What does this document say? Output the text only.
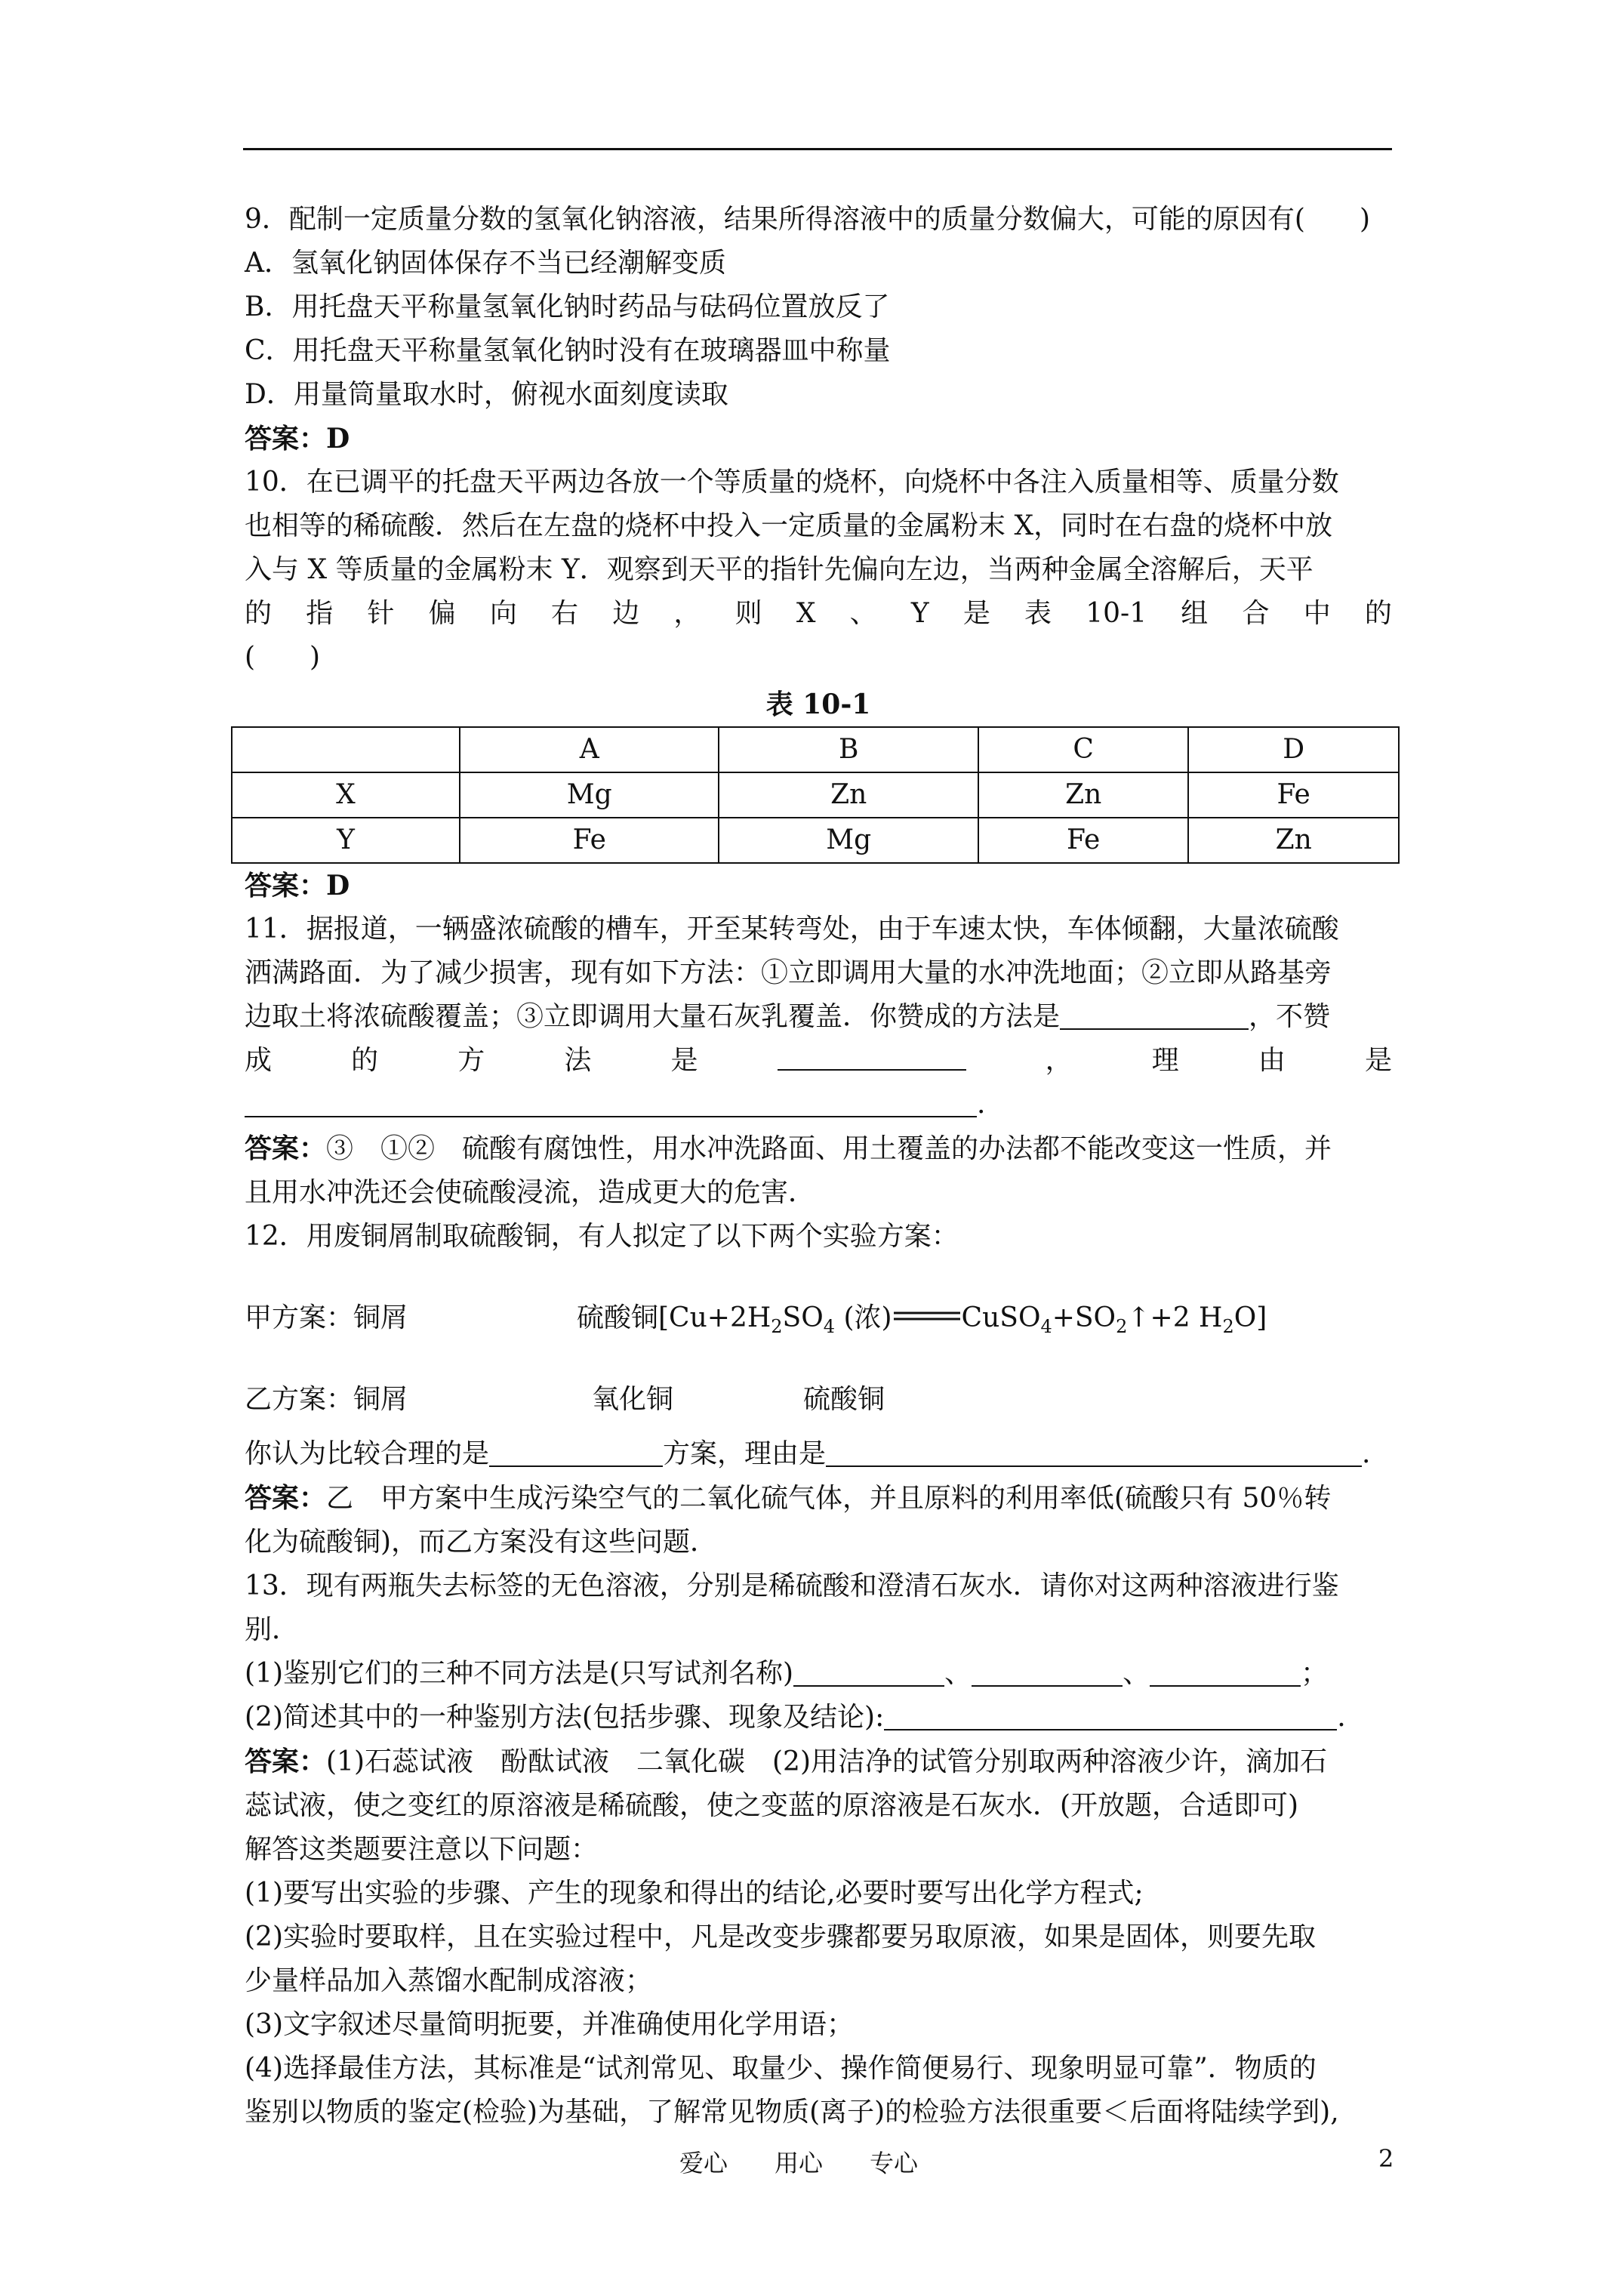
9．配制一定质量分数的氢氧化钠溶液，结果所得溶液中的质量分数偏大，可能的原因有(　　)
A．氢氧化钠固体保存不当已经潮解变质
B．用托盘天平称量氢氧化钠时药品与砝码位置放反了
C．用托盘天平称量氢氧化钠时没有在玻璃器皿中称量
D．用量筒量取水时，俯视水面刻度读取
答案：D
10．在已调平的托盘天平两边各放一个等质量的烧杯，向烧杯中各注入质量相等、质量分数
也相等的稀硫酸．然后在左盘的烧杯中投入一定质量的金属粉末 X，同时在右盘的烧杯中放
入与 X 等质量的金属粉末 Y．观察到天平的指针先偏向左边，当两种金属全溶解后，天平
的 指 针 偏 向 右 边 ， 则 X 、 Y 是 表 10-1 组 合 中 的
(　　)
表 10-1
	A	B	C	D
X	Mg	Zn	Zn	Fe
Y	Fe	Mg	Fe	Zn
答案：D
11．据报道，一辆盛浓硫酸的槽车，开至某转弯处，由于车速太快，车体倾翻，大量浓硫酸
洒满路面．为了减少损害，现有如下方法：①立即调用大量的水冲洗地面；②立即从路基旁
边取土将浓硫酸覆盖；③立即调用大量石灰乳覆盖．你赞成的方法是	，不赞
成	的	方	法	是	，	理	由	是
.
答案：③　①②　硫酸有腐蚀性，用水冲洗路面、用土覆盖的办法都不能改变这一性质，并
且用水冲洗还会使硫酸浸流，造成更大的危害．
12．用废铜屑制取硫酸铜，有人拟定了以下两个实验方案：
甲方案：铜屑	硫酸铜[$Cu+2H_2SO_4$ (浓)	$CuSO_4+SO_2↑+2$ $H_2O$]
乙方案：铜屑	氧化铜	硫酸铜
你认为比较合理的是	方案，理由是	.
答案：乙　甲方案中生成污染空气的二氧化硫气体，并且原料的利用率低(硫酸只有 50％转
化为硫酸铜)，而乙方案没有这些问题．
13．现有两瓶失去标签的无色溶液，分别是稀硫酸和澄清石灰水．请你对这两种溶液进行鉴
别．
(1)鉴别它们的三种不同方法是(只写试剂名称)	、	、	；
(2)简述其中的一种鉴别方法(包括步骤、现象及结论):	.
答案：(1)石蕊试液　酚酞试液　二氧化碳　(2)用洁净的试管分别取两种溶液少许，滴加石
蕊试液，使之变红的原溶液是稀硫酸，使之变蓝的原溶液是石灰水．(开放题，合适即可)
解答这类题要注意以下问题：
(1)要写出实验的步骤、产生的现象和得出的结论,必要时要写出化学方程式;
(2)实验时要取样，且在实验过程中，凡是改变步骤都要另取原液，如果是固体，则要先取
少量样品加入蒸馏水配制成溶液；
(3)文字叙述尽量简明扼要，并准确使用化学用语；
(4)选择最佳方法，其标准是“试剂常见、取量少、操作简便易行、现象明显可靠”．物质的
鉴别以物质的鉴定(检验)为基础，了解常见物质(离子)的检验方法很重要＜后面将陆续学到),
爱心 用心 专心	2
